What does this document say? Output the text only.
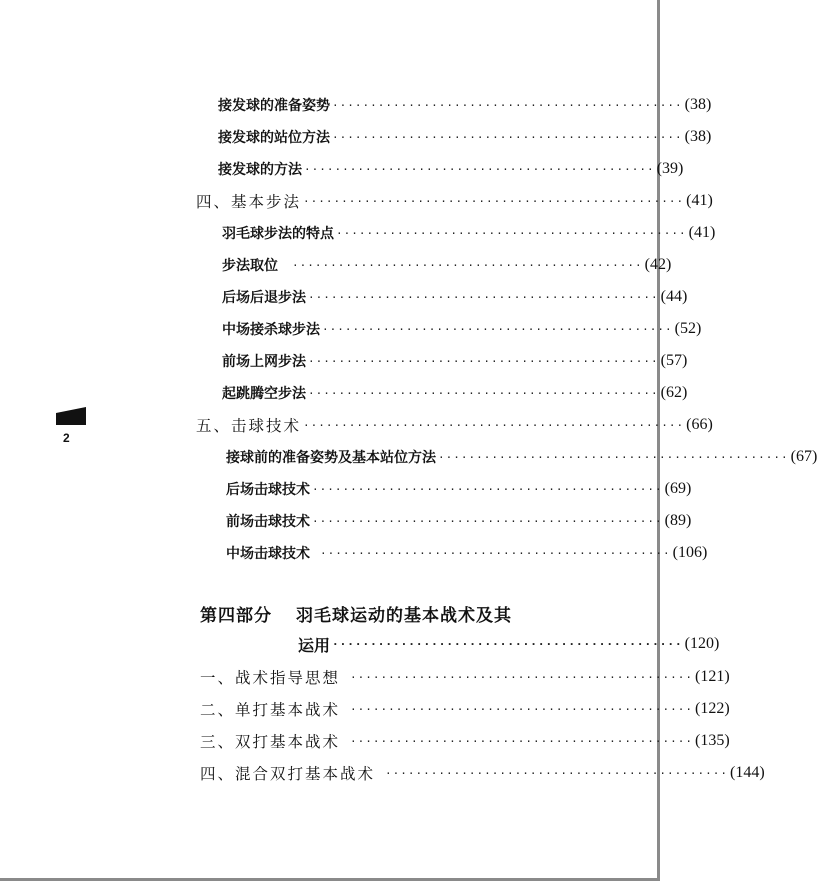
2
接发球的准备姿势 ·············································· (38)
接发球的站位方法 ·············································· (38)
接发球的方法 ·············································· (39)
四、基本步法 ·················································· (41)
羽毛球步法的特点 ·············································· (41)
步法取位 ·············································· (42)
后场后退步法 ·············································· (44)
中场接杀球步法 ·············································· (52)
前场上网步法 ·············································· (57)
起跳腾空步法 ·············································· (62)
五、击球技术 ·················································· (66)
接球前的准备姿势及基本站位方法 ·············································· (67)
后场击球技术 ·············································· (69)
前场击球技术 ·············································· (89)
中场击球技术 ·············································· (106)
第四部分 羽毛球运动的基本战术及其
运用 ·············································· (120)
一、战术指导思想 ············································· (121)
二、单打基本战术 ············································· (122)
三、双打基本战术 ············································· (135)
四、混合双打基本战术 ············································· (144)
